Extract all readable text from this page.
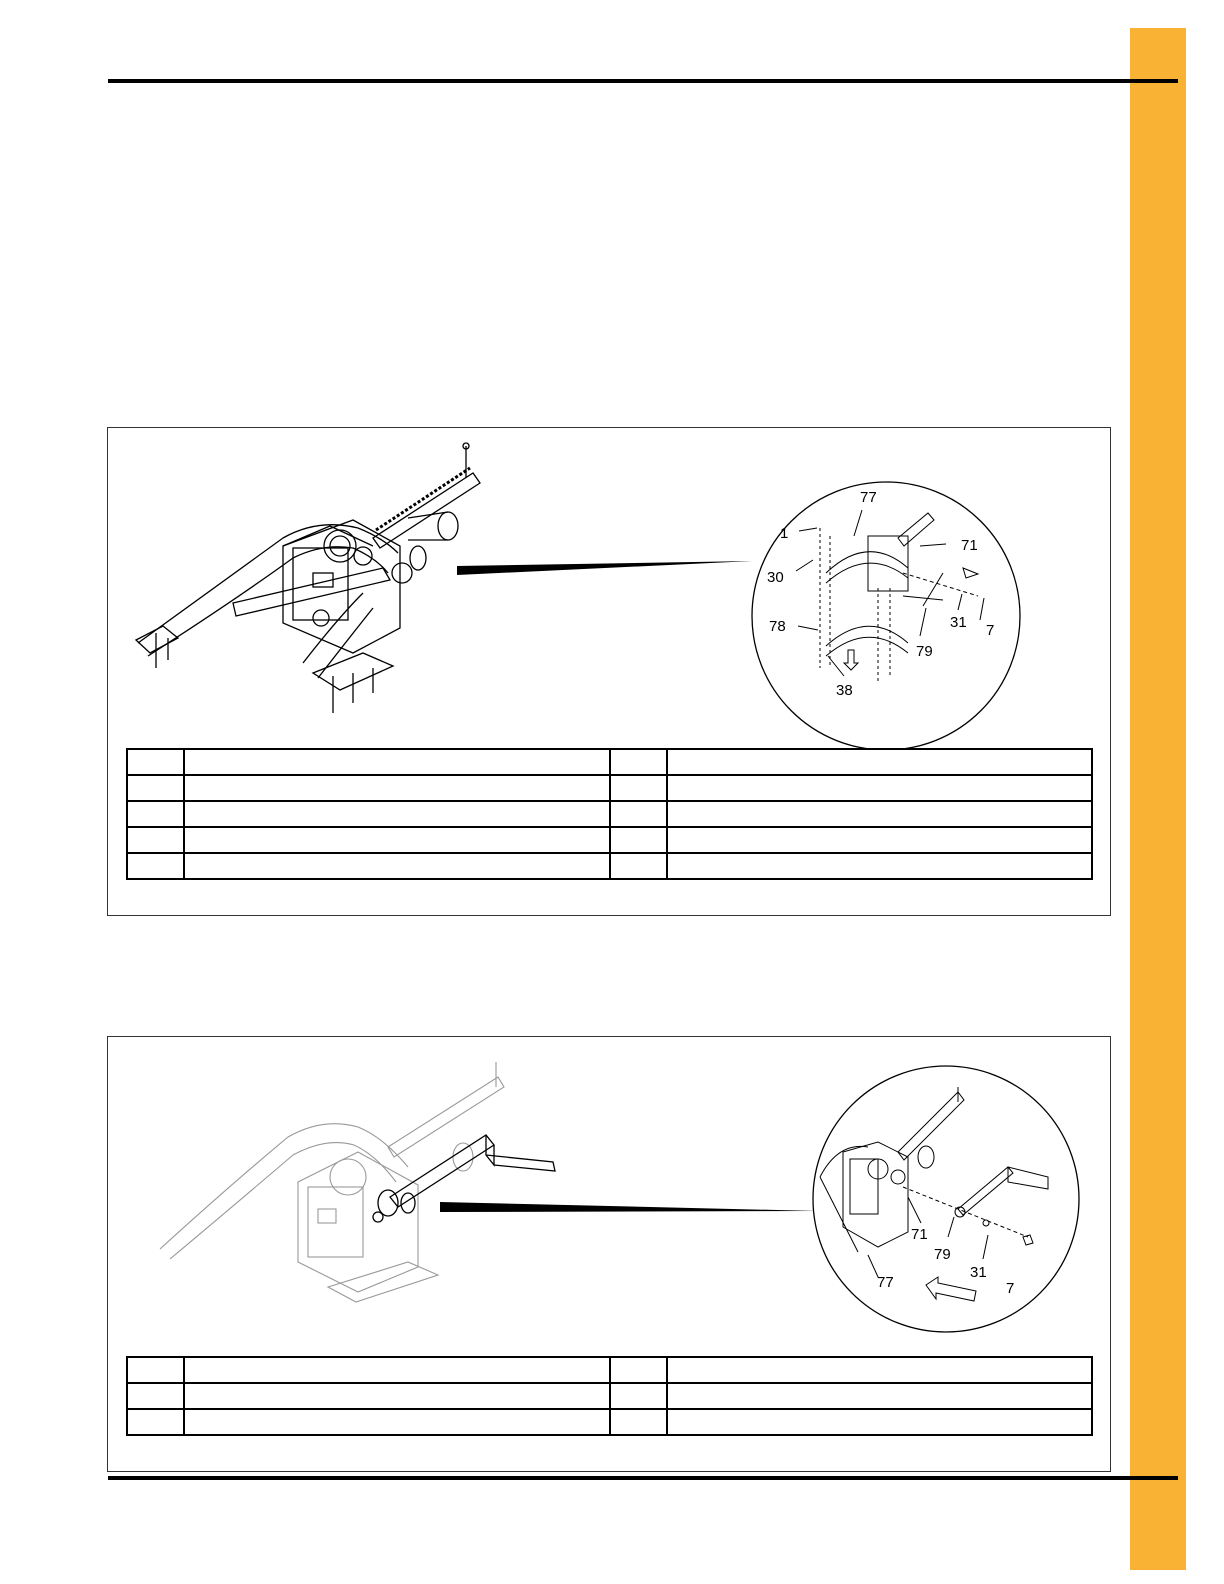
77
1
71
30
31 7
78
79
38

71
79
31
7
77
